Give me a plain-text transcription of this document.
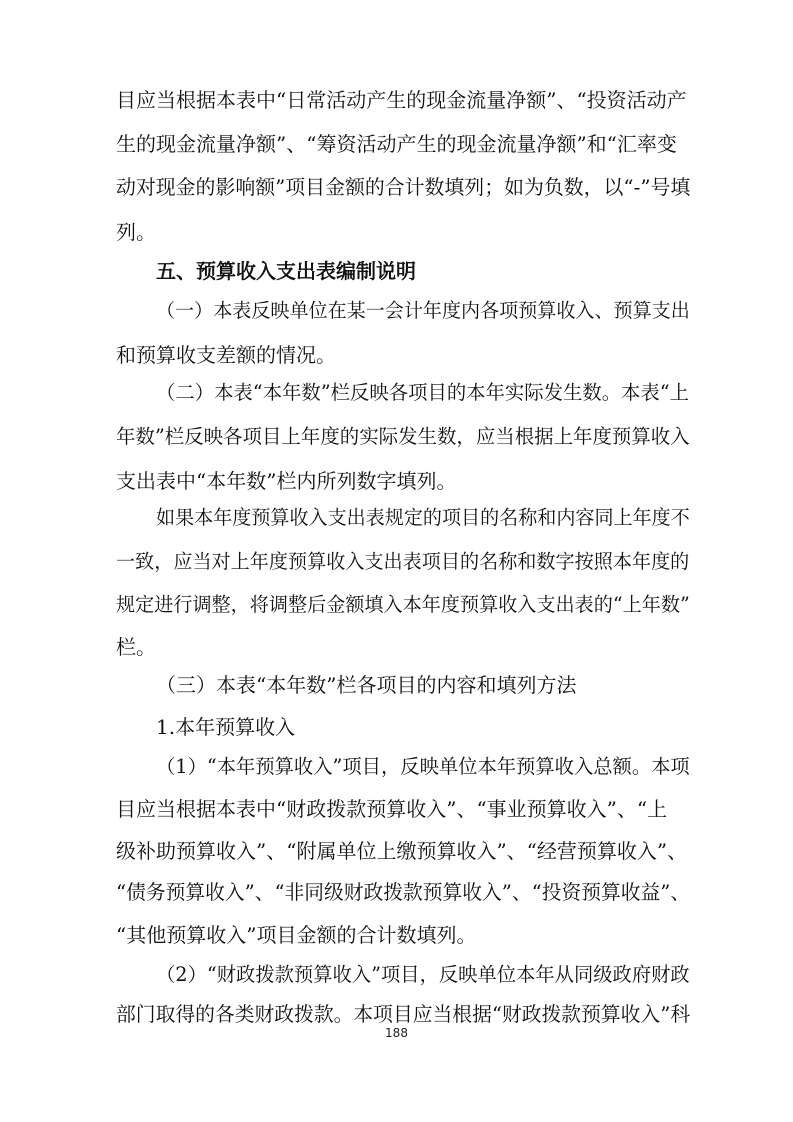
目应当根据本表中“日常活动产生的现金流量净额”、“投资活动产
生的现金流量净额”、“筹资活动产生的现金流量净额”和“汇率变
动对现金的影响额”项目金额的合计数填列；如为负数，以“-”号填
列。
五、预算收入支出表编制说明
（一）本表反映单位在某一会计年度内各项预算收入、预算支出
和预算收支差额的情况。
（二）本表“本年数”栏反映各项目的本年实际发生数。本表“上
年数”栏反映各项目上年度的实际发生数，应当根据上年度预算收入
支出表中“本年数”栏内所列数字填列。
如果本年度预算收入支出表规定的项目的名称和内容同上年度不
一致，应当对上年度预算收入支出表项目的名称和数字按照本年度的
规定进行调整，将调整后金额填入本年度预算收入支出表的“上年数”
栏。
（三）本表“本年数”栏各项目的内容和填列方法
1.本年预算收入
（1）“本年预算收入”项目，反映单位本年预算收入总额。本项
目应当根据本表中“财政拨款预算收入”、“事业预算收入”、“上
级补助预算收入”、“附属单位上缴预算收入”、“经营预算收入”、
“债务预算收入”、“非同级财政拨款预算收入”、“投资预算收益”、
“其他预算收入”项目金额的合计数填列。
（2）“财政拨款预算收入”项目，反映单位本年从同级政府财政
部门取得的各类财政拨款。本项目应当根据“财政拨款预算收入”科
188
